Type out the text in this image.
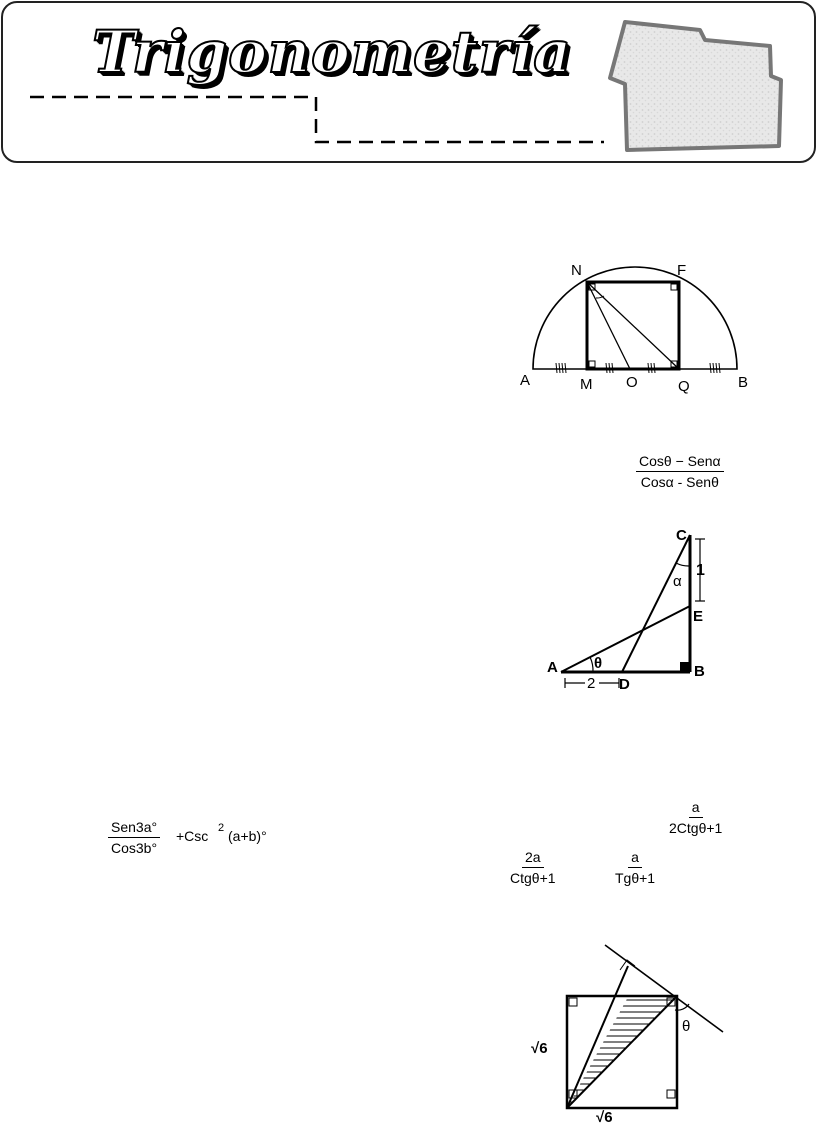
Trigonometría
N	F
A	M O	Q	B
Cosθ − Senα
Cosα - Senθ
C
E
A
D
B
α
θ
1
2
Sen3a°
Cos3b°
+Csc 2 (a+b)°
a
2Ctgθ+1
2a
Ctgθ+1
a
Tgθ+1
√6
√6
θ
